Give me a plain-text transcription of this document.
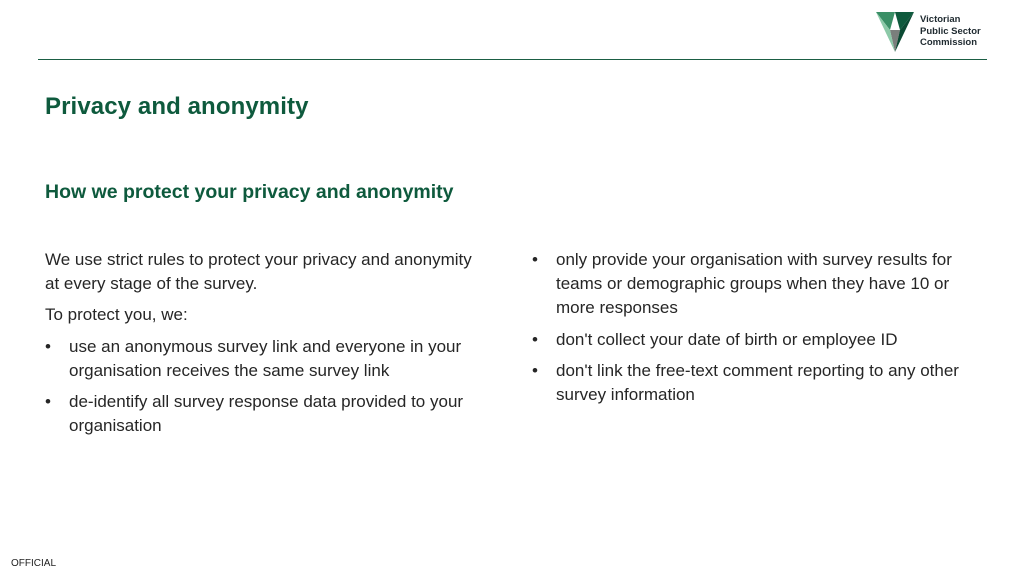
Victorian
Public Sector
Commission
Privacy and anonymity
How we protect your privacy and anonymity

We use strict rules to protect your privacy and anonymity at every stage of the survey.

To protect you, we:

• use an anonymous survey link and everyone in your organisation receives the same survey link
• de-identify all survey response data provided to your organisation
• only provide your organisation with survey results for teams or demographic groups when they have 10 or more responses
• don't collect your date of birth or employee ID
• don't link the free-text comment reporting to any other survey information
OFFICIAL
